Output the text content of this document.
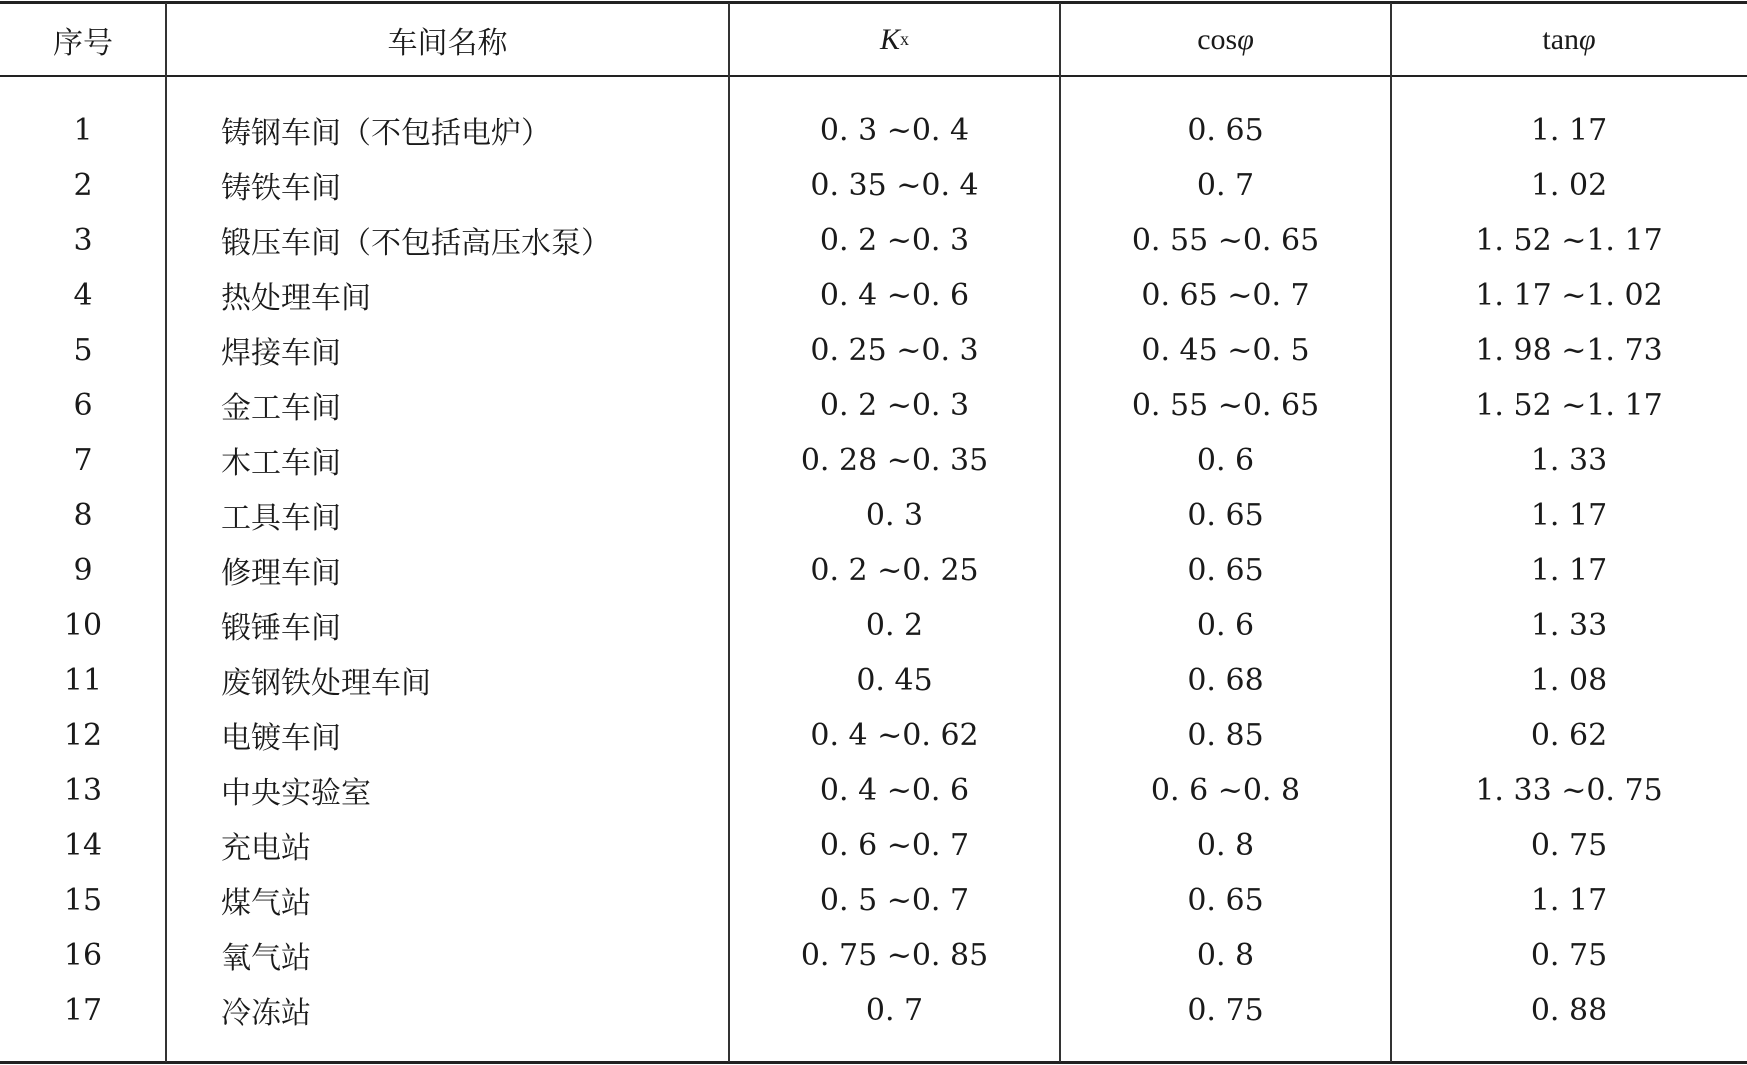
序号	车间名称	K x	cos φ	tan φ
1	铸钢车间（不包括电炉）	0. 3 ~0. 4	0. 65	1. 17
2	铸铁车间	0. 35 ~0. 4	0. 7	1. 02
3	锻压车间（不包括高压水泵）	0. 2 ~0. 3	0. 55 ~0. 65	1. 52 ~1. 17
4	热处理车间	0. 4 ~0. 6	0. 65 ~0. 7	1. 17 ~1. 02
5	焊接车间	0. 25 ~0. 3	0. 45 ~0. 5	1. 98 ~1. 73
6	金工车间	0. 2 ~0. 3	0. 55 ~0. 65	1. 52 ~1. 17
7	木工车间	0. 28 ~0. 35	0. 6	1. 33
8	工具车间	0. 3	0. 65	1. 17
9	修理车间	0. 2 ~0. 25	0. 65	1. 17
10	锻锤车间	0. 2	0. 6	1. 33
11	废钢铁处理车间	0. 45	0. 68	1. 08
12	电镀车间	0. 4 ~0. 62	0. 85	0. 62
13	中央实验室	0. 4 ~0. 6	0. 6 ~0. 8	1. 33 ~0. 75
14	充电站	0. 6 ~0. 7	0. 8	0. 75
15	煤气站	0. 5 ~0. 7	0. 65	1. 17
16	氧气站	0. 75 ~0. 85	0. 8	0. 75
17	冷冻站	0. 7	0. 75	0. 88
